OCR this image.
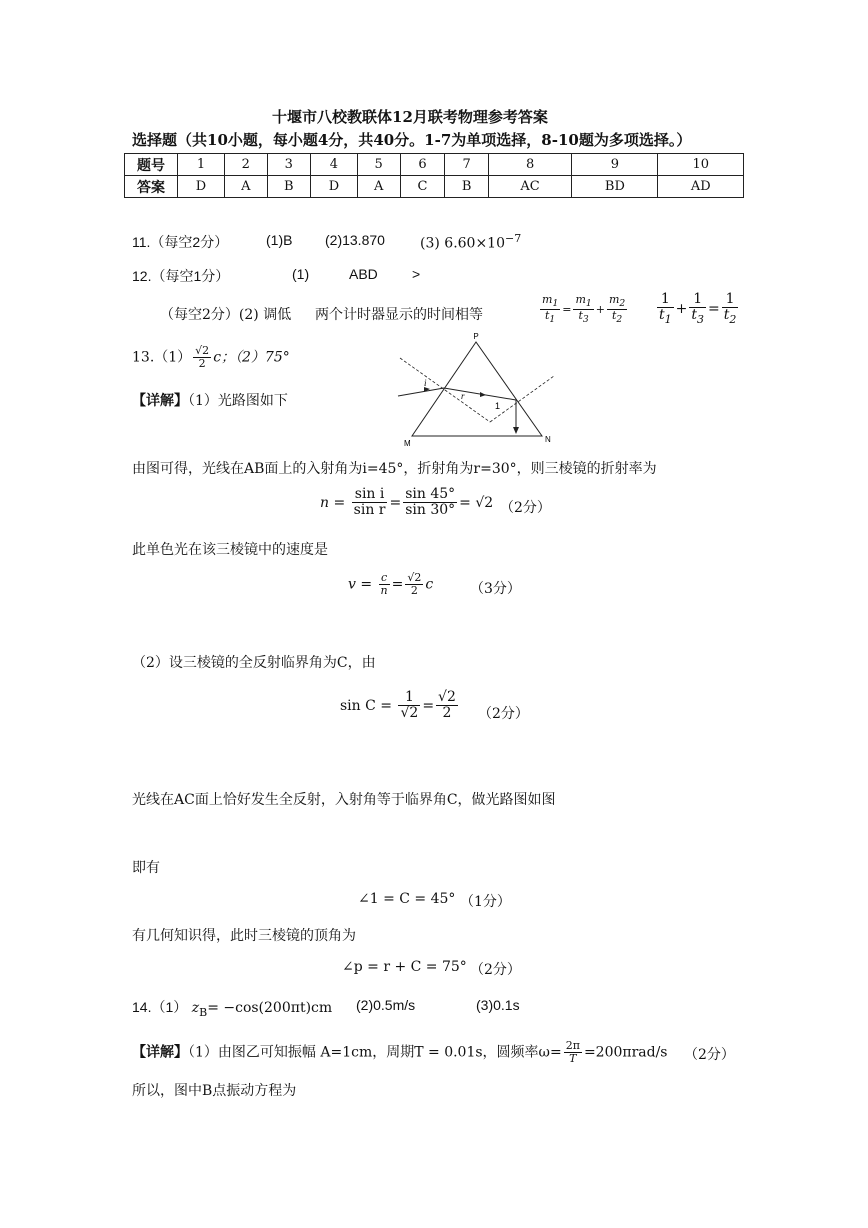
十堰市八校教联体12月联考物理参考答案
选择题（共10小题，每小题4分，共40分。1-7为单项选择，8-10题为多项选择。）
题号	1	2	3	4	5	6	7	8	9	10
答案	D	A	B	D	A	C	B	AC	BD	AD
11.（每空2分）	(1)B (2)13.870	(3) $6.60\times 10^{-7}$
12.（每空1分）	(1)	ABD >
（每空2分）(2) 调低 两个计时器显示的时间相等	$\frac{m_1}{t_1} = \frac{m_1}{t_3} + \frac{m_2}{t_2} \frac{1}{t_1} + \frac{1}{t_3} = \frac{1}{t_2}$
$13.(1) \frac{√2}{2}$ c；（2）75°
【详解】（1）光路图如下
P
M	N
i
r
1
由图可得，光线在AB面上的入射角为i=45°，折射角为r=30°，则三棱镜的折射率为
$n = \frac{\text{sin i}}{\text{sin r}} = \frac{\sin 45^\circ}{\sin 30^\circ} = √2$ （2分）
此单色光在该三棱镜中的速度是
$v = \frac{c}{n} = \frac{√2}{2}$ c	（3分）
（2）设三棱镜的全反射临界角为C，由
$\sin C = \frac{1}{√2} = \frac{√2}{2} (2$分）
光线在AC面上恰好发生全反射，入射角等于临界角C，做光路图如图
即有
∠1 = C = 45° （1分）
有几何知识得，此时三棱镜的顶角为
∠p = r + C = 75° （2分）
14.（1） $z_B= -\cos(200\pi t)cm$ (2)0.5m/s	(3)0.1s
【详解】（1）由图乙可知振幅 A=1cm，周期T = 0.01s，圆频率$\omega= \frac{2\pi}{T} =200\pi rad/s$ （2分）
所以，图中B点振动方程为
